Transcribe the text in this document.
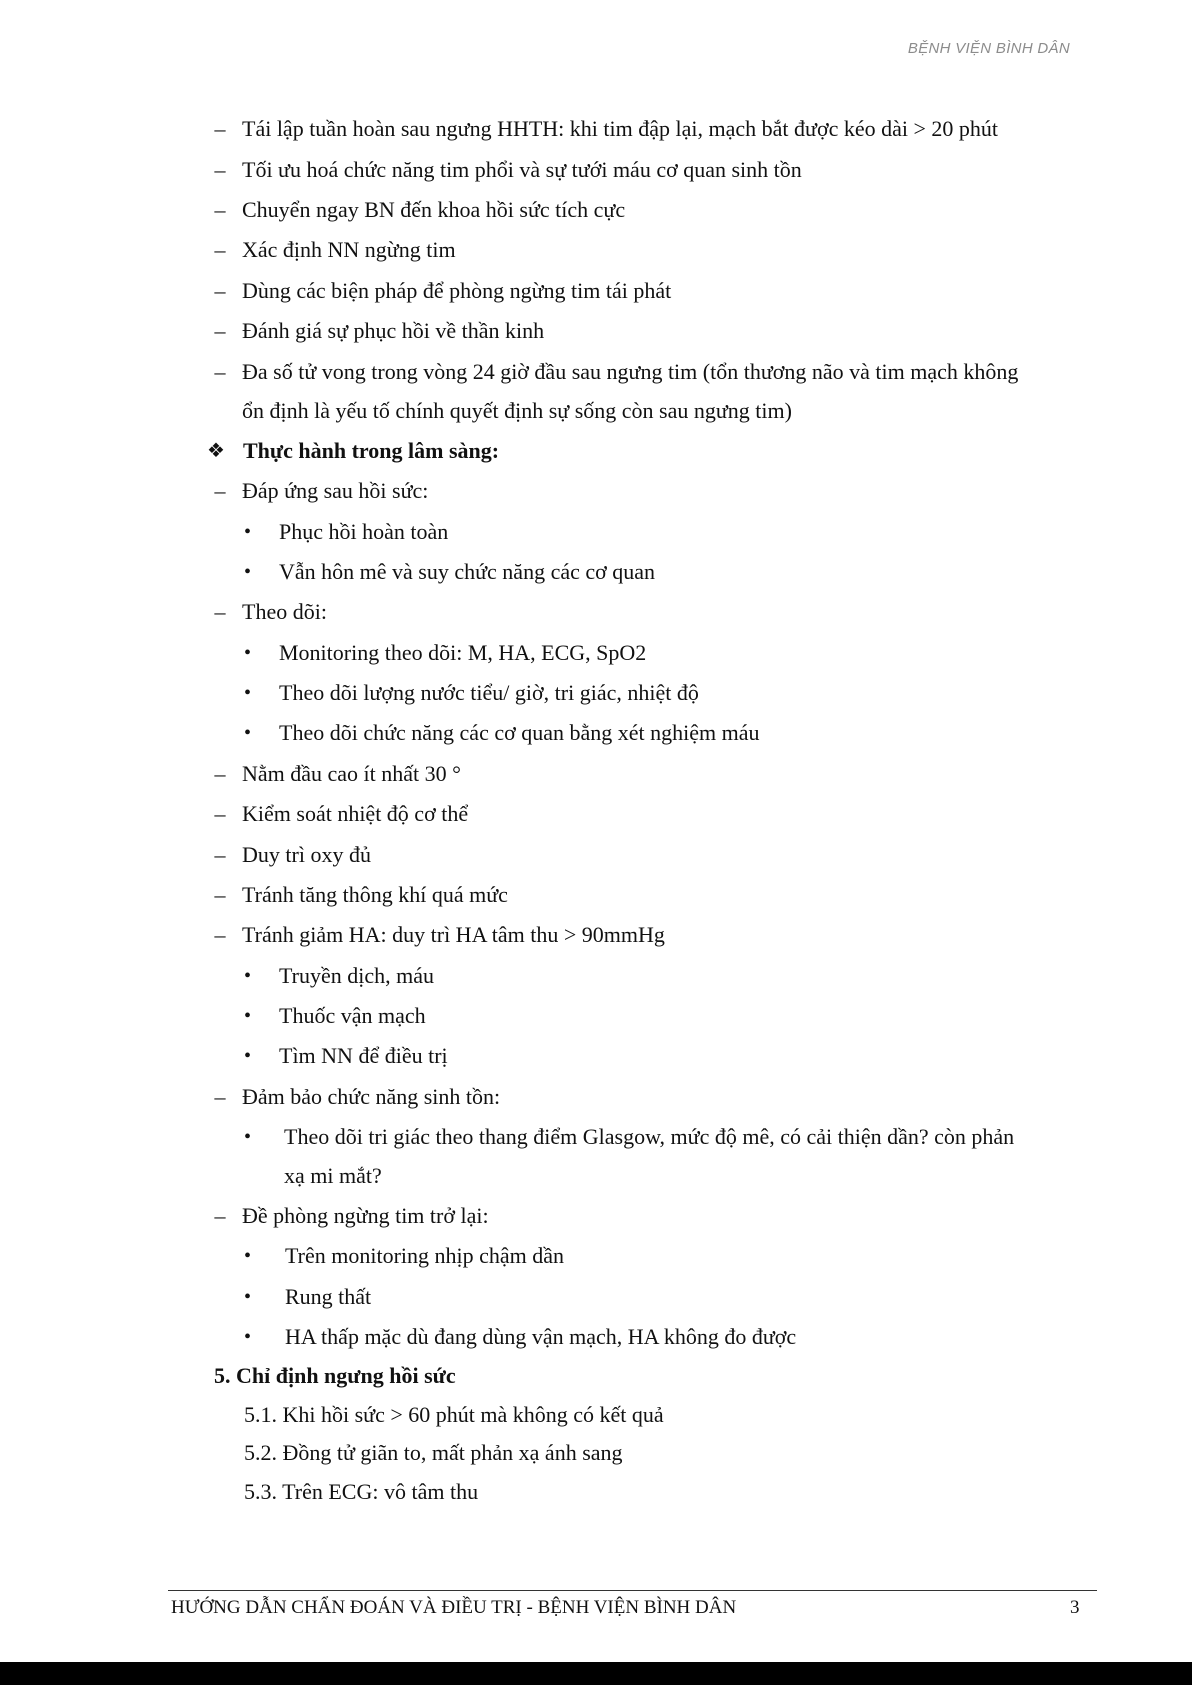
BỆNH VIỆN BÌNH DÂN
– Tái lập tuần hoàn sau ngưng HHTH: khi tim đập lại, mạch bắt được kéo dài > 20 phút
– Tối ưu hoá chức năng tim phổi và sự tưới máu cơ quan sinh tồn
– Chuyển ngay BN đến khoa hồi sức tích cực
– Xác định NN ngừng tim
– Dùng các biện pháp để phòng ngừng tim tái phát
– Đánh giá sự phục hồi về thần kinh
– Đa số tử vong trong vòng 24 giờ đầu sau ngưng tim (tổn thương não và tim mạch không
ổn định là yếu tố chính quyết định sự sống còn sau ngưng tim)
❖ Thực hành trong lâm sàng:
– Đáp ứng sau hồi sức:
• Phục hồi hoàn toàn
• Vẫn hôn mê và suy chức năng các cơ quan
– Theo dõi:
• Monitoring theo dõi: M, HA, ECG, SpO2
• Theo dõi lượng nước tiểu/ giờ, tri giác, nhiệt độ
• Theo dõi chức năng các cơ quan bằng xét nghiệm máu
– Nằm đầu cao ít nhất 30 °
– Kiểm soát nhiệt độ cơ thể
– Duy trì oxy đủ
– Tránh tăng thông khí quá mức
– Tránh giảm HA: duy trì HA tâm thu > 90mmHg
• Truyền dịch, máu
• Thuốc vận mạch
• Tìm NN để điều trị
– Đảm bảo chức năng sinh tồn:
• Theo dõi tri giác theo thang điểm Glasgow, mức độ mê, có cải thiện dần? còn phản
xạ mi mắt?
– Đề phòng ngừng tim trở lại:
• Trên monitoring nhịp chậm dần
• Rung thất
• HA thấp mặc dù đang dùng vận mạch, HA không đo được
5. Chỉ định ngưng hồi sức
5.1. Khi hồi sức > 60 phút mà không có kết quả
5.2. Đồng tử giãn to, mất phản xạ ánh sang
5.3. Trên ECG: vô tâm thu
HƯỚNG DẪN CHẨN ĐOÁN VÀ ĐIỀU TRỊ - BỆNH VIỆN BÌNH DÂN	3
